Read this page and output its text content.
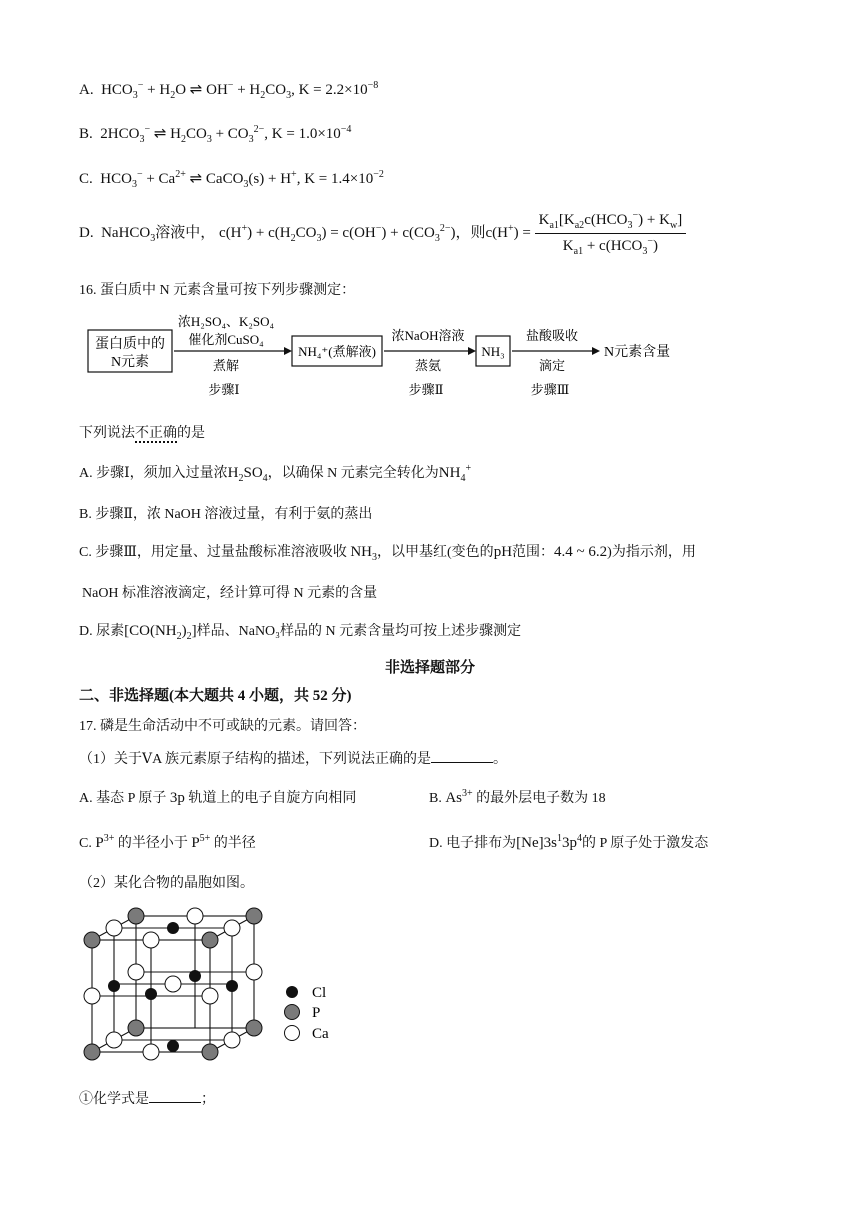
A.  $HCO_3^- + H_2O$ ⇌ $OH^- + H_2CO_3$, $K = 2.2\times 10^{-8}$
B.  $2HCO_3^-$ ⇌ $H_2CO_3 + CO_3^{2-}$, $K = 1.0\times 10^{-4}$
C.  $HCO_3^- + Ca^{2+}$ ⇌ CaCO$_3$(s) + H+, $K = 1.4\times 10^{-2}$
D. NaHCO$_3$溶液中， $c(H^+) + c(H_2CO_3) = c(OH^-) + c(CO_3^{2-})$，则$c(H^+) = \frac{K_{a1}[K_{a2}c(HCO_3^-) + K_w]}{K_{a1} + c(HCO_3^-)}$
16. 蛋白质中 N 元素含量可按下列步骤测定：
蛋白质中的
N元素
浓H₂SO₄、K₂SO₄
催化剂CuSO₄
煮解
NH₄⁺(煮解液)
浓NaOH溶液
蒸氨
NH₃
盐酸吸收
滴定
N元素含量
步骤Ⅰ	步骤Ⅱ	步骤Ⅲ
下列说法不正确的是
A. 步骤Ⅰ，须加入过量浓$H_2SO_4$，以确保 N 元素完全转化为$NH_4^+$
B. 步骤Ⅱ，浓 NaOH 溶液过量，有利于氨的蒸出
C. 步骤Ⅲ，用定量、过量盐酸标准溶液吸收 $NH_3$，以甲基红(变色的pH范围：4.4 ~ 6.2)为指示剂，用
NaOH 标准溶液滴定，经计算可得 N 元素的含量
D. 尿素$[CO(NH_2)_2]$样品、NaNO₃样品的 N 元素含量均可按上述步骤测定
非选择题部分
二、非选择题(本大题共 4 小题，共 52 分)
17. 磷是生命活动中不可或缺的元素。请回答：
（1）关于ⅤA 族元素原子结构的描述，下列说法正确的是	。
A. 基态 P 原子 3p 轨道上的电子自旋方向相同	B. $As^{3+}$ 的最外层电子数为 18
C. $P^{3+}$ 的半径小于 $P^{5+}$ 的半径	D. 电子排布为$[Ne]3s^13p^4$的 P 原子处于激发态
（2）某化合物的晶胞如图。
Cl
P
Ca
①化学式是	；
